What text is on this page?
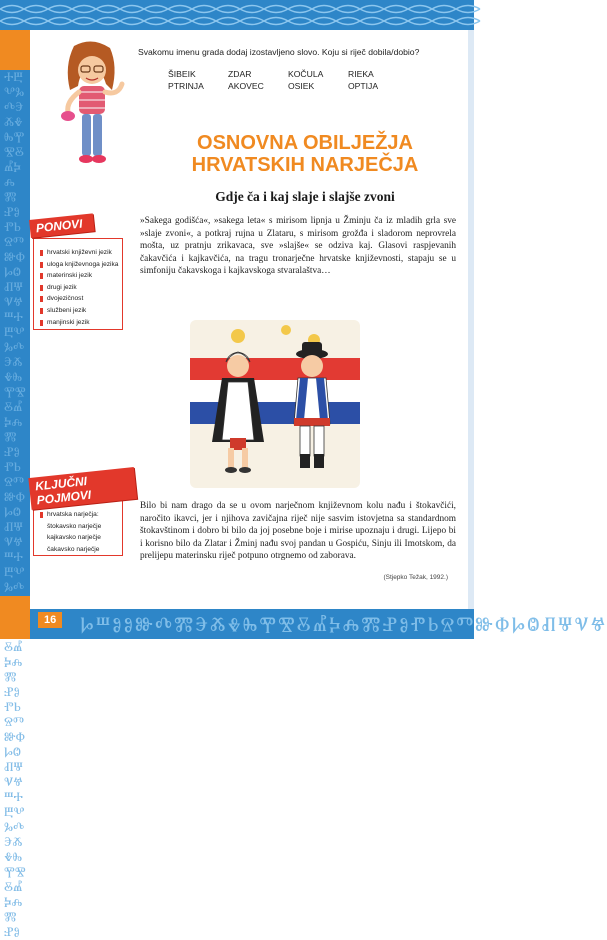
ⰀⰁⰂⰃⰄⰅⰆⰇⰈⰉⰊⰋⰌⰍⰎⰏⰐⰑⰒⰓⰔⰕⰖⰗⰘⰙⰚⰛⰜⰝⰞⰀⰁⰂⰃⰄⰅⰆⰇⰈⰉⰊⰋⰌⰍⰎⰏⰐⰑⰒⰓⰔⰕⰖⰗⰘⰙⰚⰛⰜⰝⰞⰀⰁⰂⰃⰄ ⰋⰌⰍⰎⰏⰐⰑⰒⰓⰔⰕⰖⰗⰘⰙⰚⰛⰜⰝⰞⰀⰁⰂⰃⰄⰅⰆⰇⰈⰉⰊⰋⰌⰍⰎⰏⰐⰑ
ⰘⰞⰑⰑⰖⰄⰏⰅⰆⰇⰈⰉⰊⰋⰌⰍⰎⰏⰐⰑⰒⰓⰔⰕⰖⰗⰘⰙⰚⰛⰜⰝ
16
Svakomu imenu grada dodaj izostavljeno slovo. Koju si riječ dobila/dobio?
ŠIBEIK	ZDAR	KOČULA	RIEKA
PTRINJA	AKOVEC	OSIEK	OPTIJA
OSNOVNA OBILJEŽJA
HRVATSKIH NARJEČJA
Gdje ča i kaj slaje i slajše zvoni
»Sakega godišća«, »sakega leta« s mirisom lipnja u Žminju ča iz mladih grla sve »slaje zvoni«, a potkraj rujna u Zlataru, s mirisom grožđa i sladorom neprovrela mošta, uz pratnju zrikavaca, sve »slajše« se odziva kaj. Glasovi raspjevanih čakavčića i kajkavčića, na tragu tronarječne hrvatske književnosti, stapaju se u simfoniju čakavskoga i kajkavskoga stvaralaštva…
Bilo bi nam drago da se u ovom narječnom književnom kolu nađu i štokavčići, naročito ikavci, jer i njihova zavičajna riječ nije sasvim istovjetna sa standardnom štokavštinom i dobro bi bilo da joj posebne boje i mirise upoznaju i drugi. Lijepo bi i korisno bilo da Zlatar i Žminj nađu svoj pandan u Gospiću, Sinju ili Imotskom, da prelijepu materinsku riječ potpuno otrgnemo od zaborava.
(Stjepko Težak, 1992.)
hrvatski književni jezik
uloga književnoga jezika
materinski jezik
drugi jezik
dvojezičnost
službeni jezik
manjinski jezik
PONOVI
hrvatska narječja:
štokavsko narječje
kajkavsko narječje
čakavsko narječje
KLJUČNI POJMOVI
